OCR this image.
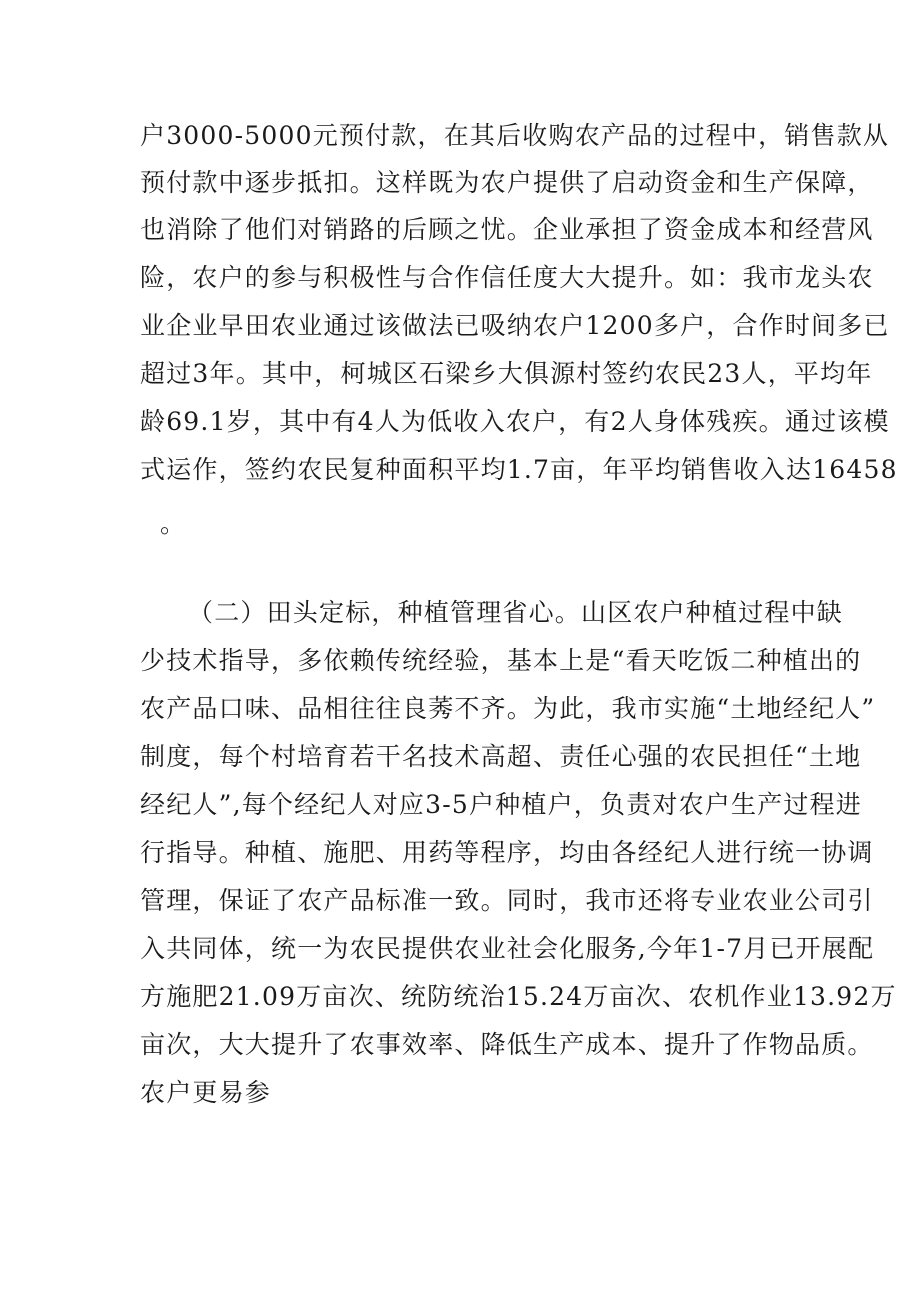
户3000-5000元预付款，在其后收购农产品的过程中，销售款从
预付款中逐步抵扣。这样既为农户提供了启动资金和生产保障，
也消除了他们对销路的后顾之忧。企业承担了资金成本和经营风
险，农户的参与积极性与合作信任度大大提升。如：我市龙头农
业企业早田农业通过该做法已吸纳农户1200多户，合作时间多已
超过3年。其中，柯城区石梁乡大俱源村签约农民23人，平均年
龄69.1岁，其中有4人为低收入农户，有2人身体残疾。通过该模
式运作，签约农民复种面积平均1.7亩，年平均销售收入达16458
。
（二）田头定标，种植管理省心。山区农户种植过程中缺
少技术指导，多依赖传统经验，基本上是“看天吃饭二种植出的
农产品口味、品相往往良莠不齐。为此，我市实施“土地经纪人”
制度，每个村培育若干名技术高超、责任心强的农民担任“土地
经纪人”,每个经纪人对应3-5户种植户，负责对农户生产过程进
行指导。种植、施肥、用药等程序，均由各经纪人进行统一协调
管理，保证了农产品标准一致。同时，我市还将专业农业公司引
入共同体，统一为农民提供农业社会化服务,今年1-7月已开展配
方施肥21.09万亩次、统防统治15.24万亩次、农机作业13.92万
亩次，大大提升了农事效率、降低生产成本、提升了作物品质。
农户更易参
